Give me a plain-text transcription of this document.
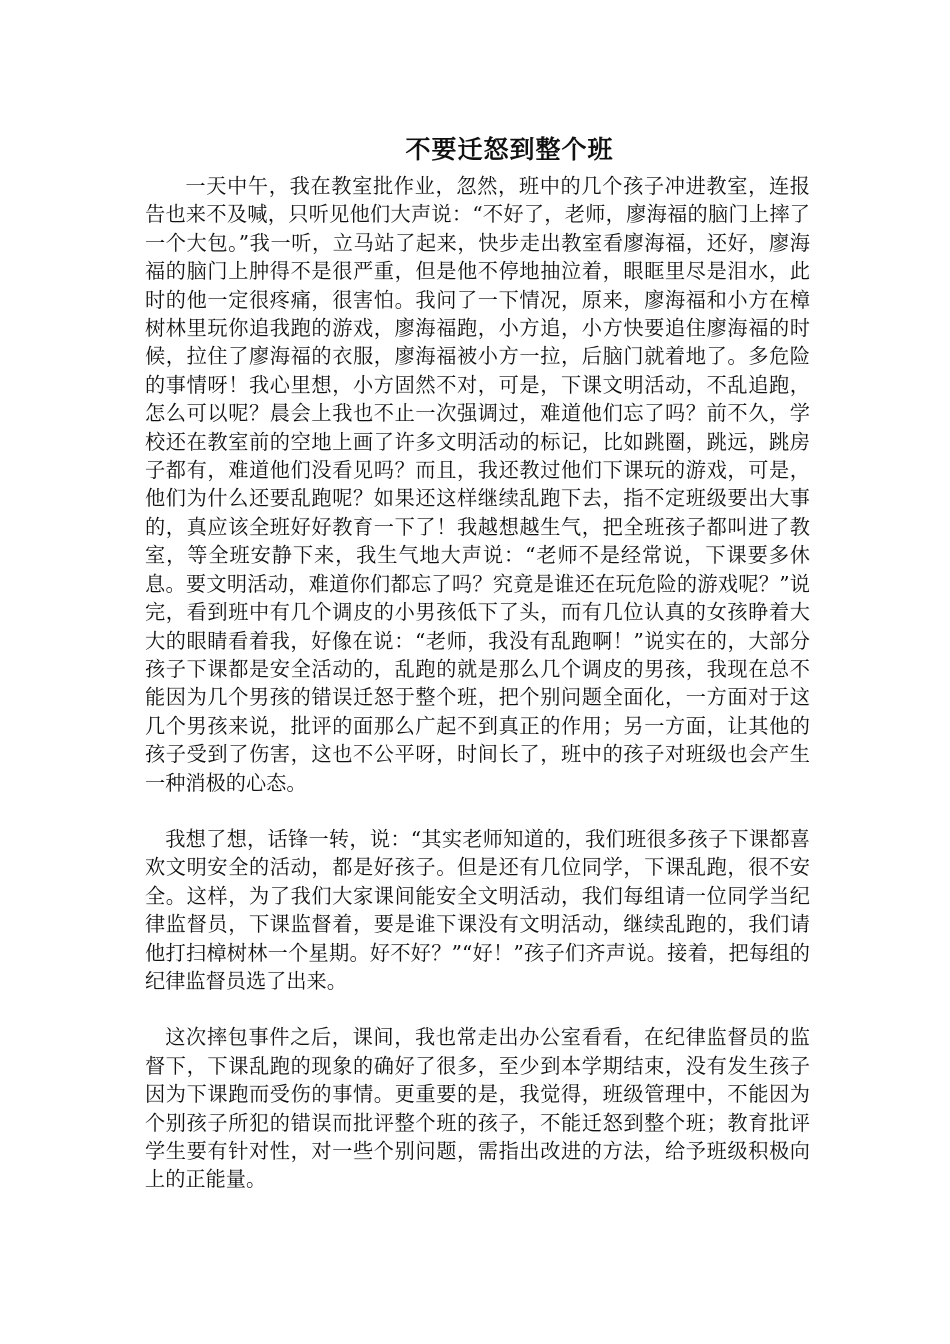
不要迁怒到整个班

一天中午，我在教室批作业，忽然，班中的几个孩子冲进教室，连报告也来不及喊，只听见他们大声说：“不好了，老师，廖海福的脑门上摔了一个大包。”我一听，立马站了起来，快步走出教室看廖海福，还好，廖海福的脑门上肿得不是很严重，但是他不停地抽泣着，眼眶里尽是泪水，此时的他一定很疼痛，很害怕。我问了一下情况，原来，廖海福和小方在樟树林里玩你追我跑的游戏，廖海福跑，小方追，小方快要追住廖海福的时候，拉住了廖海福的衣服，廖海福被小方一拉，后脑门就着地了。多危险的事情呀！我心里想，小方固然不对，可是，下课文明活动，不乱追跑，怎么可以呢？晨会上我也不止一次强调过，难道他们忘了吗？前不久，学校还在教室前的空地上画了许多文明活动的标记，比如跳圈，跳远，跳房子都有，难道他们没看见吗？而且，我还教过他们下课玩的游戏，可是，他们为什么还要乱跑呢？如果还这样继续乱跑下去，指不定班级要出大事的，真应该全班好好教育一下了！我越想越生气，把全班孩子都叫进了教室，等全班安静下来，我生气地大声说：“老师不是经常说，下课要多休息。要文明活动，难道你们都忘了吗？究竟是谁还在玩危险的游戏呢？”说完，看到班中有几个调皮的小男孩低下了头，而有几位认真的女孩睁着大大的眼睛看着我，好像在说：“老师，我没有乱跑啊！”说实在的，大部分孩子下课都是安全活动的，乱跑的就是那么几个调皮的男孩，我现在总不能因为几个男孩的错误迁怒于整个班，把个别问题全面化，一方面对于这几个男孩来说，批评的面那么广起不到真正的作用；另一方面，让其他的孩子受到了伤害，这也不公平呀，时间长了，班中的孩子对班级也会产生一种消极的心态。

我想了想，话锋一转，说：“其实老师知道的，我们班很多孩子下课都喜欢文明安全的活动，都是好孩子。但是还有几位同学，下课乱跑，很不安全。这样，为了我们大家课间能安全文明活动，我们每组请一位同学当纪律监督员，下课监督着，要是谁下课没有文明活动，继续乱跑的，我们请他打扫樟树林一个星期。好不好？”“好！”孩子们齐声说。接着，把每组的纪律监督员选了出来。

这次摔包事件之后，课间，我也常走出办公室看看，在纪律监督员的监督下，下课乱跑的现象的确好了很多，至少到本学期结束，没有发生孩子因为下课跑而受伤的事情。更重要的是，我觉得，班级管理中，不能因为个别孩子所犯的错误而批评整个班的孩子，不能迁怒到整个班；教育批评学生要有针对性，对一些个别问题，需指出改进的方法，给予班级积极向上的正能量。
